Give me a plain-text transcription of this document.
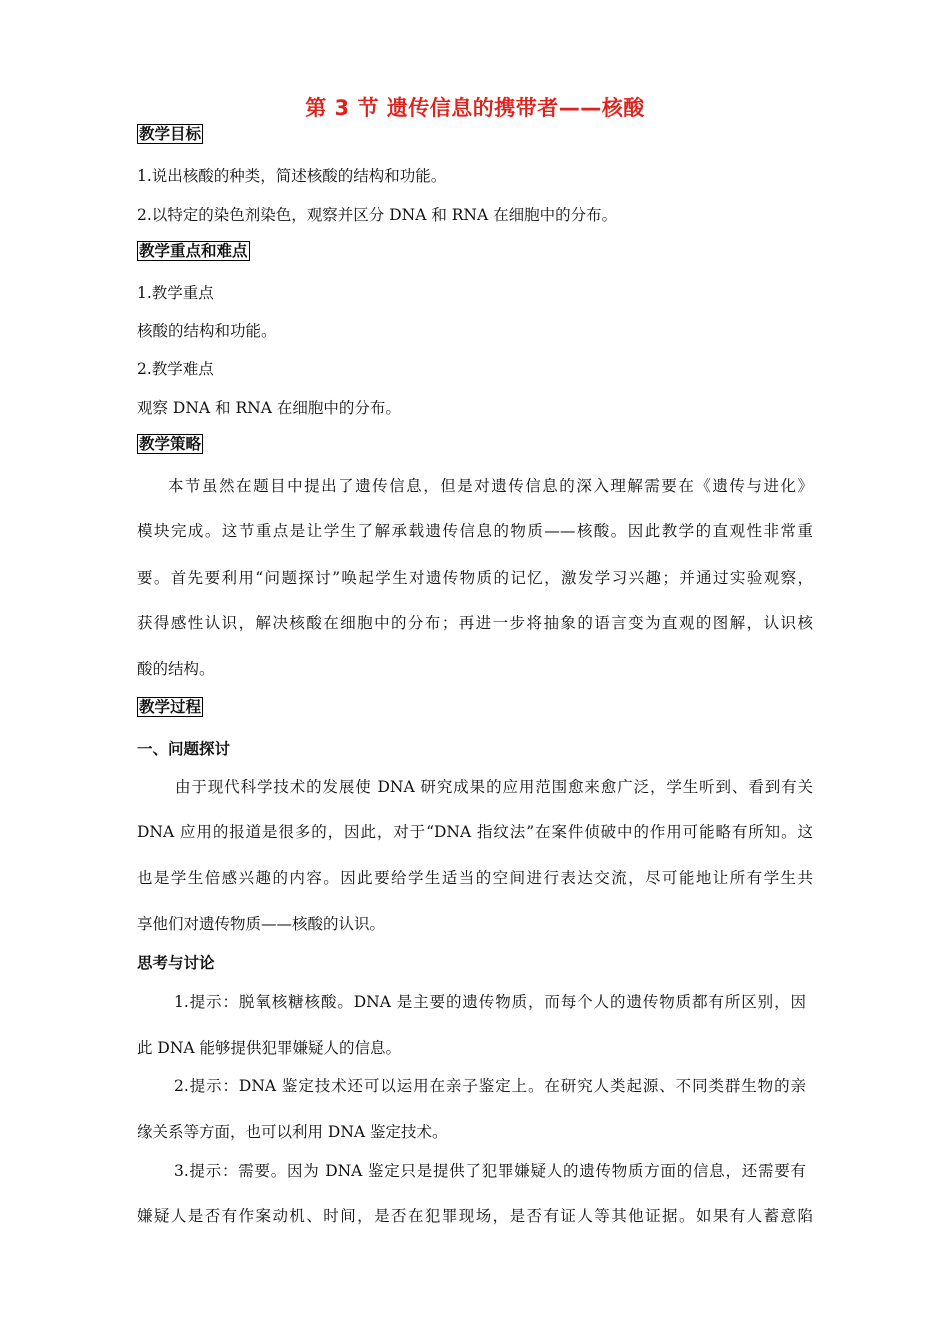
第 3 节 遗传信息的携带者——核酸
教学目标
1.说出核酸的种类，简述核酸的结构和功能。
2.以特定的染色剂染色，观察并区分 DNA 和 RNA 在细胞中的分布。
教学重点和难点
1.教学重点
核酸的结构和功能。
2.教学难点
观察 DNA 和 RNA 在细胞中的分布。
教学策略
本节虽然在题目中提出了遗传信息，但是对遗传信息的深入理解需要在《遗传与进化》
模块完成。这节重点是让学生了解承载遗传信息的物质——核酸。因此教学的直观性非常重
要。首先要利用“问题探讨”唤起学生对遗传物质的记忆，激发学习兴趣；并通过实验观察，
获得感性认识，解决核酸在细胞中的分布；再进一步将抽象的语言变为直观的图解，认识核
酸的结构。
教学过程
一、问题探讨
由于现代科学技术的发展使 DNA 研究成果的应用范围愈来愈广泛，学生听到、看到有关
DNA 应用的报道是很多的，因此，对于“DNA 指纹法”在案件侦破中的作用可能略有所知。这
也是学生倍感兴趣的内容。因此要给学生适当的空间进行表达交流，尽可能地让所有学生共
享他们对遗传物质——核酸的认识。
思考与讨论
1.提示：脱氧核糖核酸。DNA 是主要的遗传物质，而每个人的遗传物质都有所区别，因
此 DNA 能够提供犯罪嫌疑人的信息。
2.提示：DNA 鉴定技术还可以运用在亲子鉴定上。在研究人类起源、不同类群生物的亲
缘关系等方面，也可以利用 DNA 鉴定技术。
3.提示：需要。因为 DNA 鉴定只是提供了犯罪嫌疑人的遗传物质方面的信息，还需要有
嫌疑人是否有作案动机、时间，是否在犯罪现场，是否有证人等其他证据。如果有人蓄意陷
